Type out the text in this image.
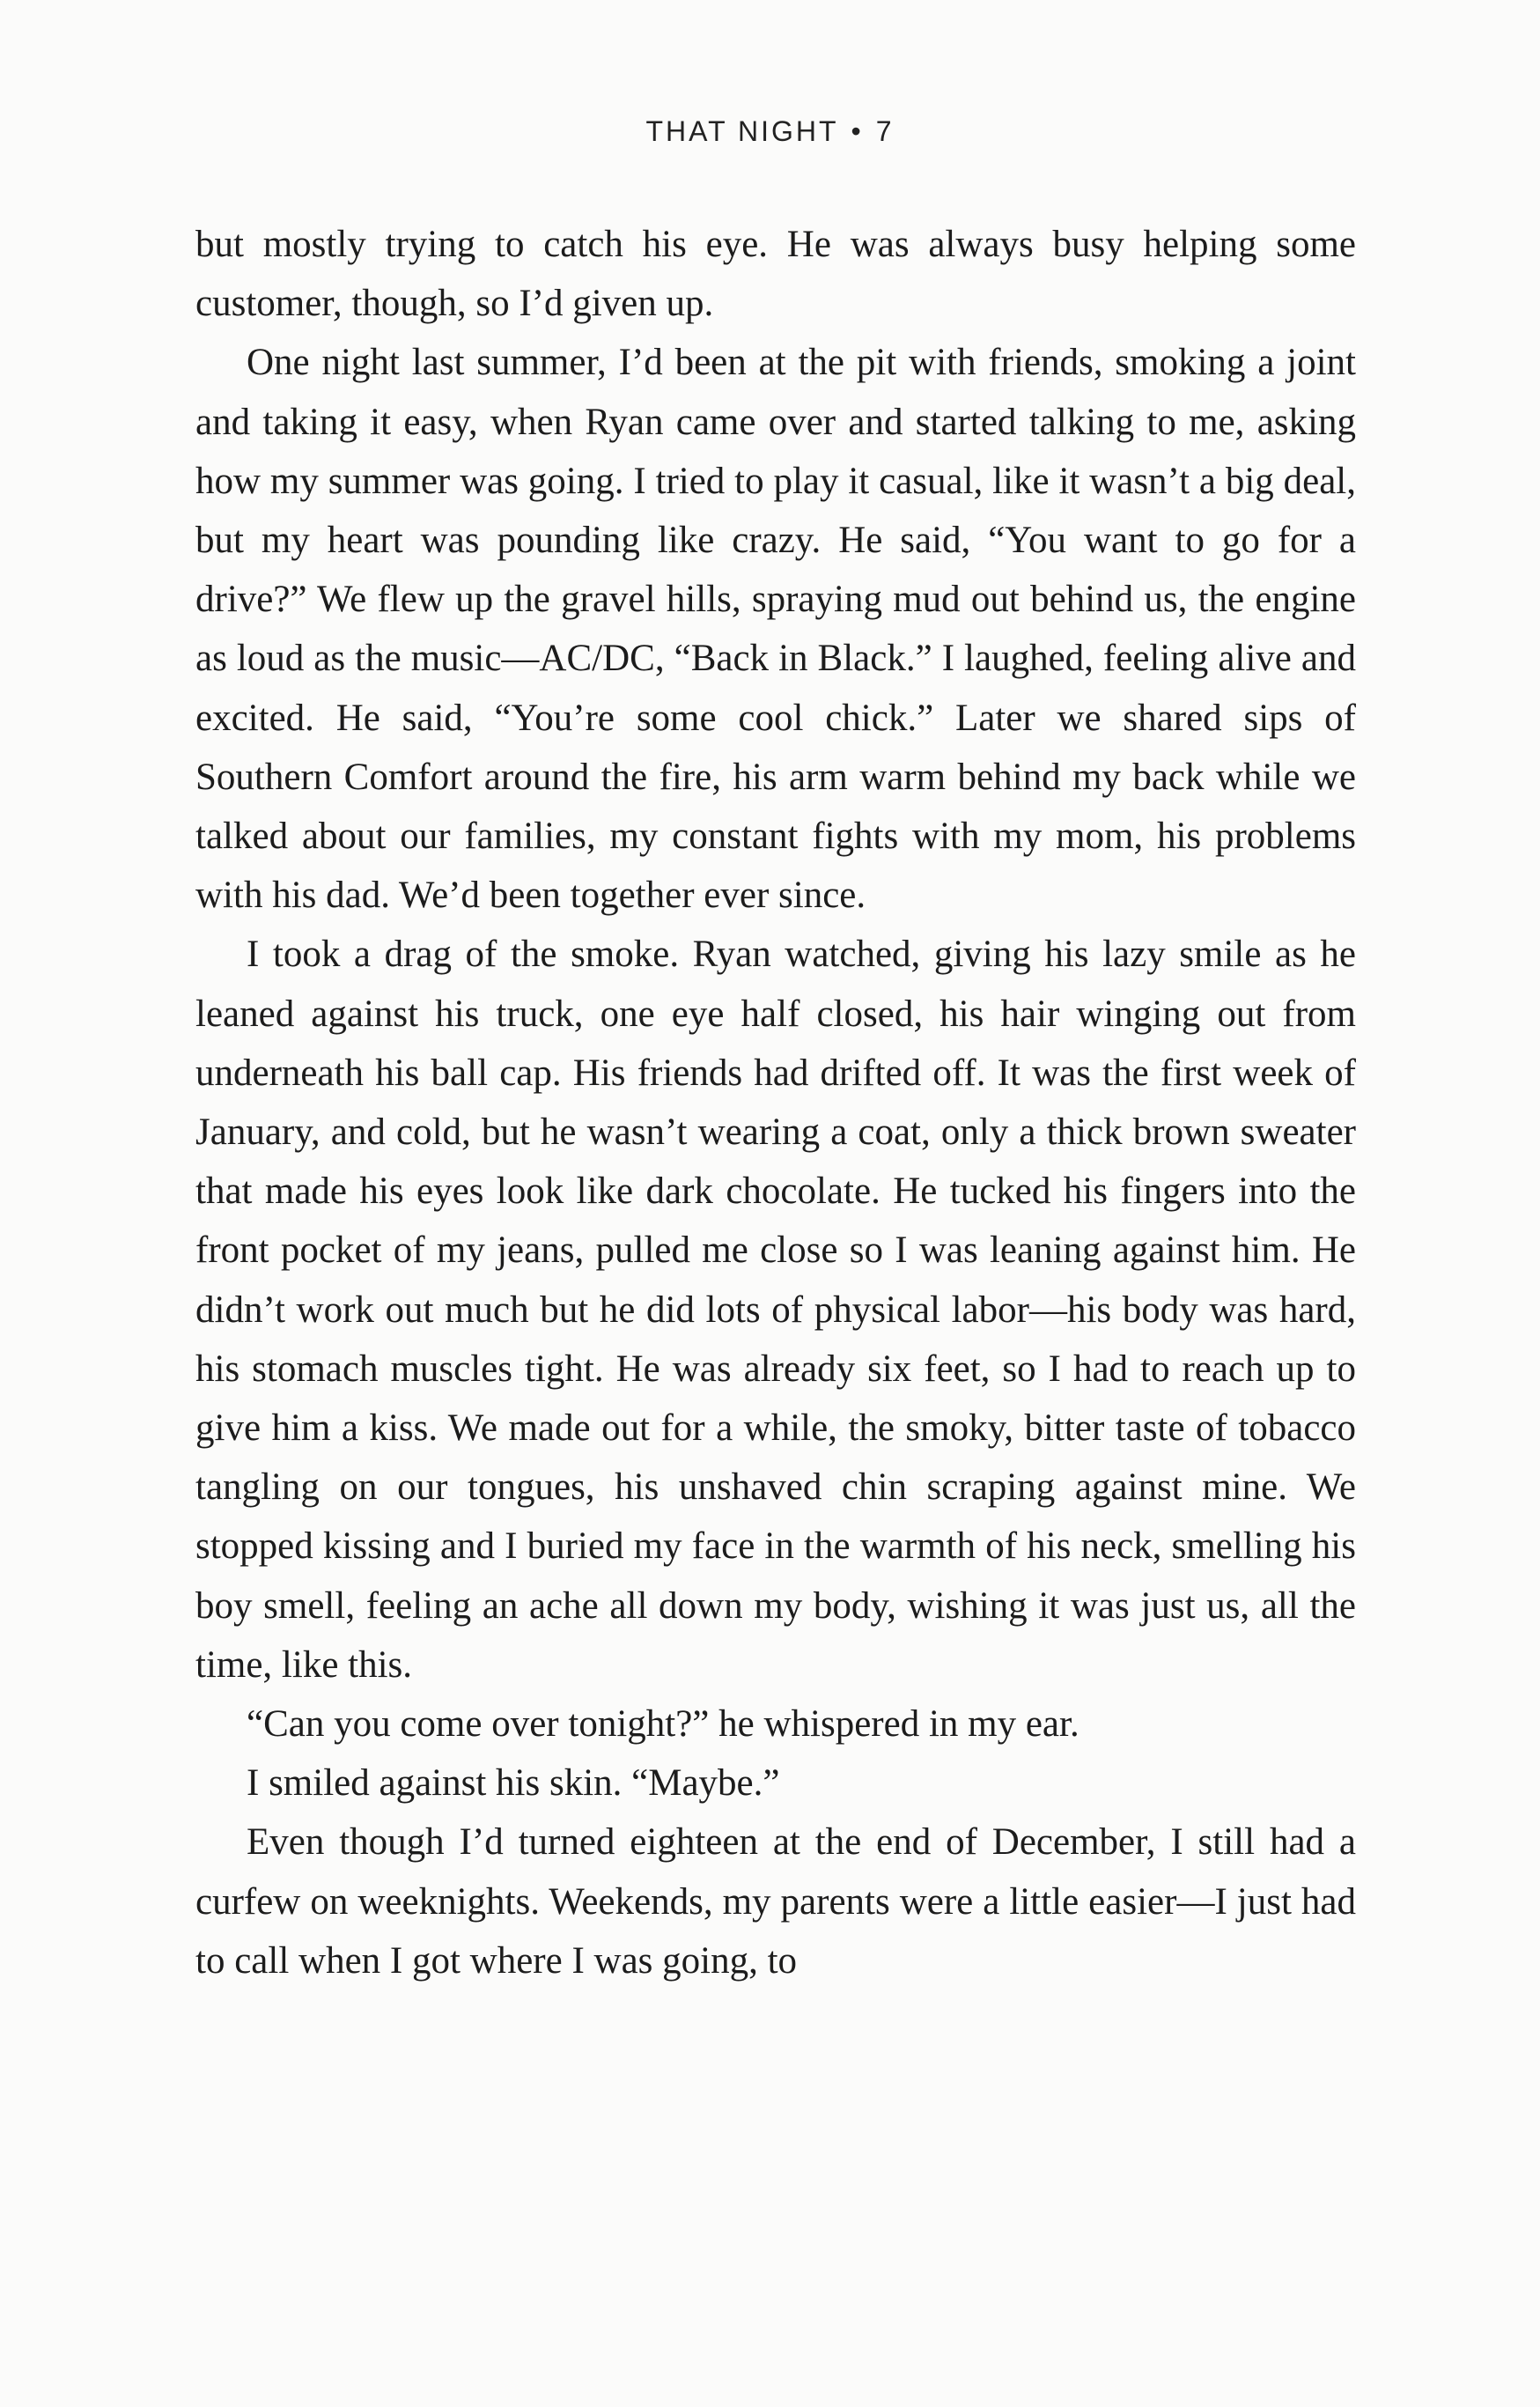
THAT NIGHT • 7

but mostly trying to catch his eye. He was always busy helping some customer, though, so I’d given up.

One night last summer, I’d been at the pit with friends, smoking a joint and taking it easy, when Ryan came over and started talking to me, asking how my summer was going. I tried to play it casual, like it wasn’t a big deal, but my heart was pounding like crazy. He said, “You want to go for a drive?” We flew up the gravel hills, spraying mud out behind us, the engine as loud as the music—AC/DC, “Back in Black.” I laughed, feeling alive and excited. He said, “You’re some cool chick.” Later we shared sips of Southern Comfort around the fire, his arm warm behind my back while we talked about our families, my constant fights with my mom, his problems with his dad. We’d been together ever since.

I took a drag of the smoke. Ryan watched, giving his lazy smile as he leaned against his truck, one eye half closed, his hair winging out from underneath his ball cap. His friends had drifted off. It was the first week of January, and cold, but he wasn’t wearing a coat, only a thick brown sweater that made his eyes look like dark chocolate. He tucked his fingers into the front pocket of my jeans, pulled me close so I was leaning against him. He didn’t work out much but he did lots of physical labor—his body was hard, his stomach muscles tight. He was already six feet, so I had to reach up to give him a kiss. We made out for a while, the smoky, bitter taste of tobacco tangling on our tongues, his unshaved chin scraping against mine. We stopped kissing and I buried my face in the warmth of his neck, smelling his boy smell, feeling an ache all down my body, wishing it was just us, all the time, like this.

“Can you come over tonight?” he whispered in my ear.

I smiled against his skin. “Maybe.”

Even though I’d turned eighteen at the end of December, I still had a curfew on weeknights. Weekends, my parents were a little easier—I just had to call when I got where I was going, to
